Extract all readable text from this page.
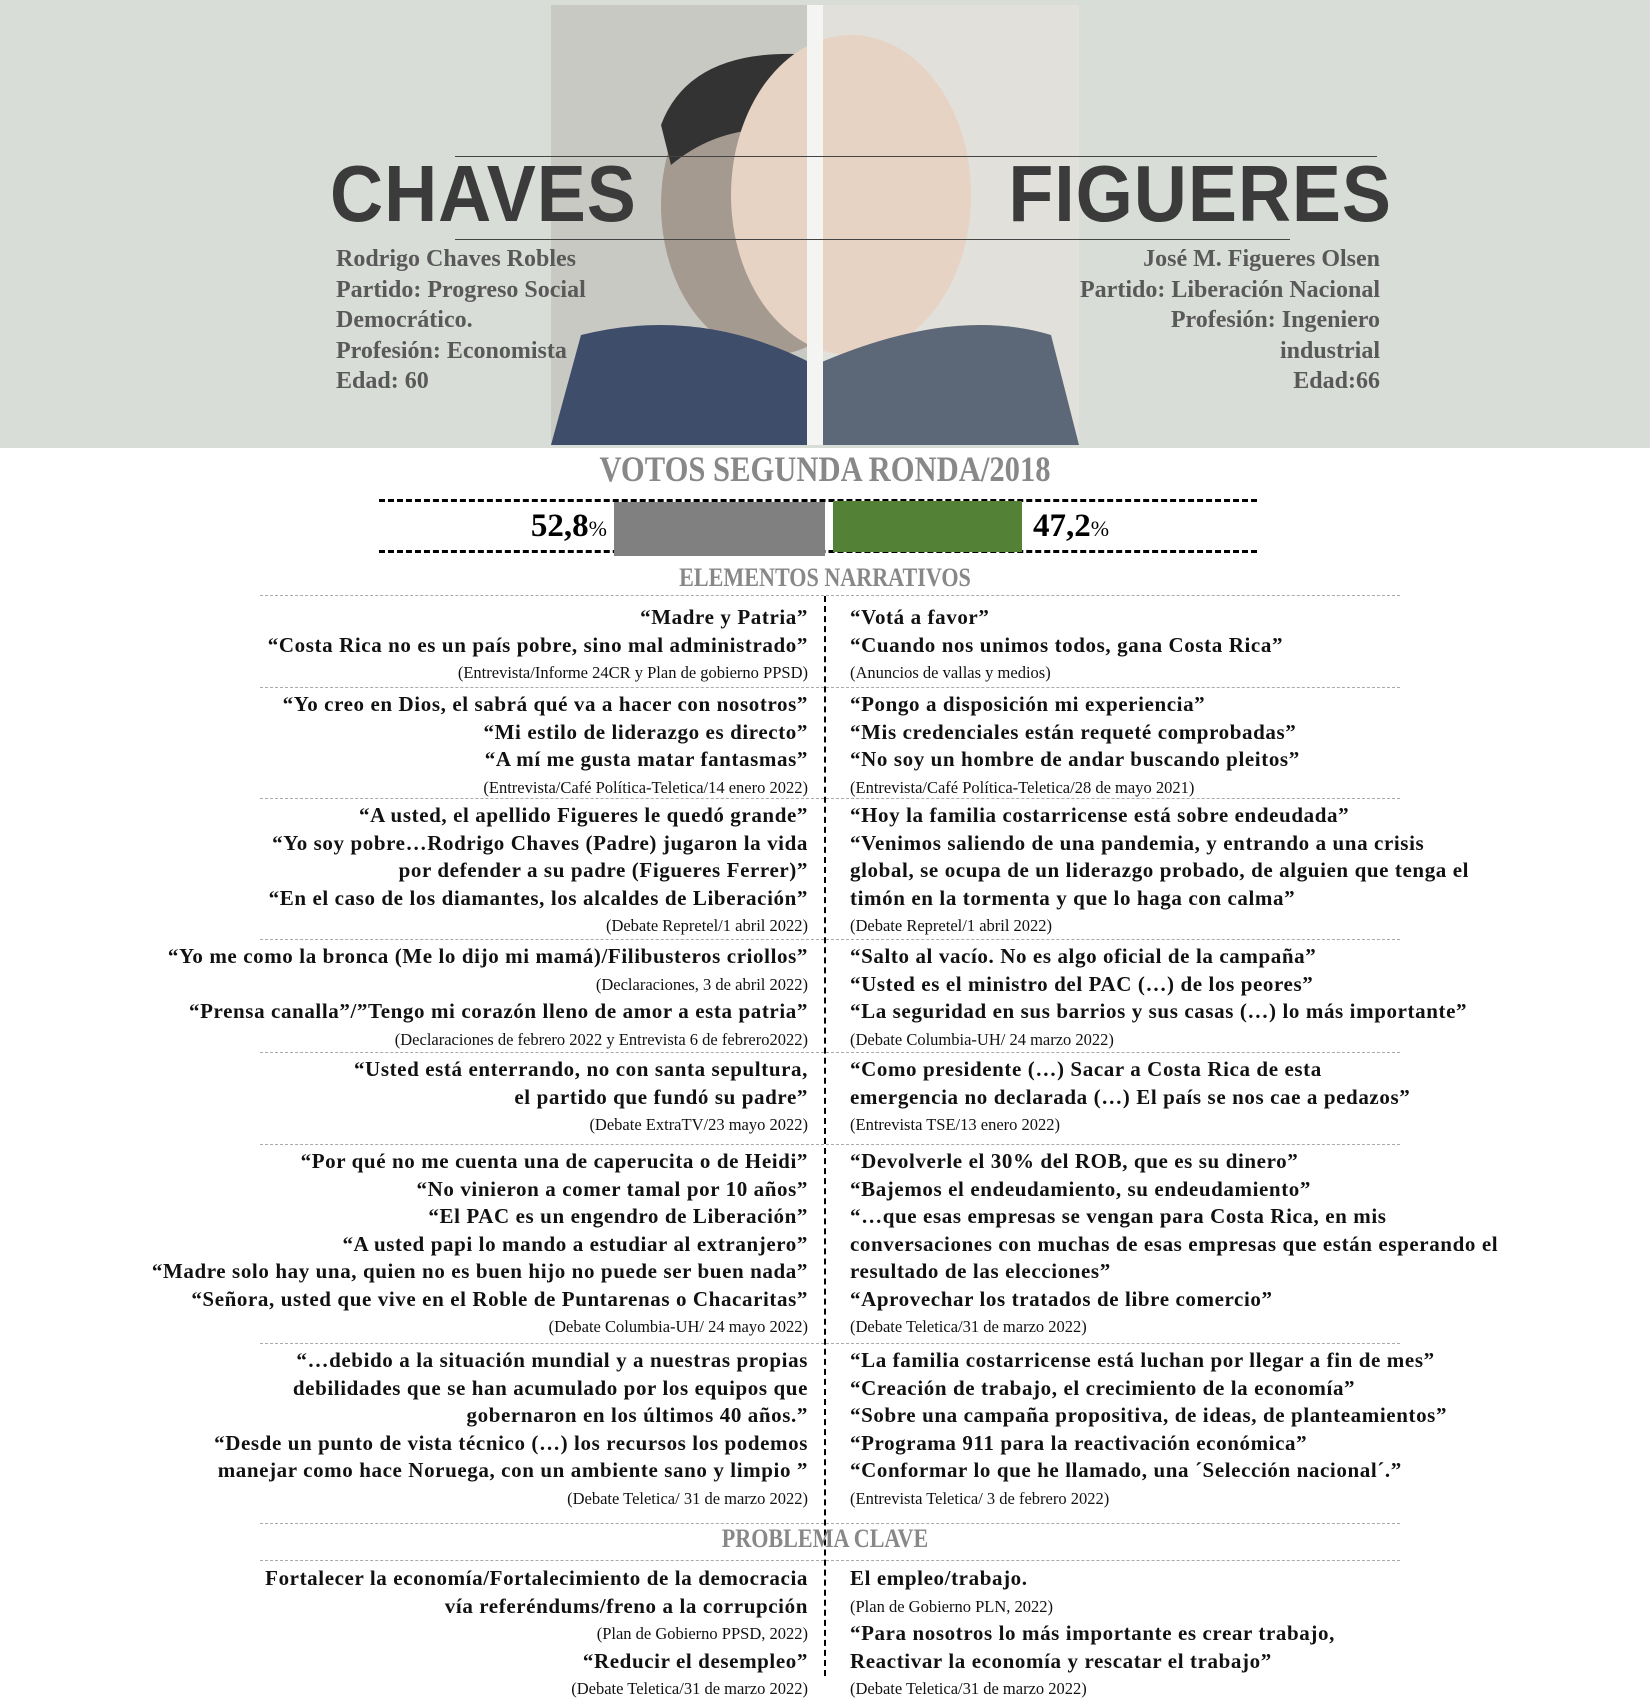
CHAVES	FIGUERES
Rodrigo Chaves Robles
Partido: Progreso Social
Democrático.
Profesión: Economista
Edad: 60
José M. Figueres Olsen
Partido: Liberación Nacional
Profesión: Ingeniero
industrial
Edad:66
VOTOS SEGUNDA RONDA/2018
52,8%	47,2%
ELEMENTOS NARRATIVOS
“Madre y Patria”
“Costa Rica no es un país pobre, sino mal administrado”
(Entrevista/Informe 24CR y Plan de gobierno PPSD)
“Votá a favor”
“Cuando nos unimos todos, gana Costa Rica”
(Anuncios de vallas y medios)
“Yo creo en Dios, el sabrá qué va a hacer con nosotros”
“Mi estilo de liderazgo es directo”
“A mí me gusta matar fantasmas”
(Entrevista/Café Política-Teletica/14 enero 2022)
“Pongo a disposición mi experiencia”
“Mis credenciales están requeté comprobadas”
“No soy un hombre de andar buscando pleitos”
(Entrevista/Café Política-Teletica/28 de mayo 2021)
“A usted, el apellido Figueres le quedó grande”
“Yo soy pobre…Rodrigo Chaves (Padre) jugaron la vida
por defender a su padre (Figueres Ferrer)”
“En el caso de los diamantes, los alcaldes de Liberación”
(Debate Repretel/1 abril 2022)
“Hoy la familia costarricense está sobre endeudada”
“Venimos saliendo de una pandemia, y entrando a una crisis
global, se ocupa de un liderazgo probado, de alguien que tenga el
timón en la tormenta y que lo haga con calma”
(Debate Repretel/1 abril 2022)
“Yo me como la bronca (Me lo dijo mi mamá)/Filibusteros criollos”
(Declaraciones, 3 de abril 2022)
“Prensa canalla”/”Tengo mi corazón lleno de amor a esta patria”
(Declaraciones de febrero 2022 y Entrevista 6 de febrero2022)
“Salto al vacío. No es algo oficial de la campaña”
“Usted es el ministro del PAC (…) de los peores”
“La seguridad en sus barrios y sus casas (…) lo más importante”
(Debate Columbia-UH/ 24 marzo 2022)
“Usted está enterrando, no con santa sepultura,
el partido que fundó su padre”
(Debate ExtraTV/23 mayo 2022)
“Como presidente (…) Sacar a Costa Rica de esta
emergencia no declarada (…) El país se nos cae a pedazos”
(Entrevista TSE/13 enero 2022)
“Por qué no me cuenta una de caperucita o de Heidi”
“No vinieron a comer tamal por 10 años”
“El PAC es un engendro de Liberación”
“A usted papi lo mando a estudiar al extranjero”
“Madre solo hay una, quien no es buen hijo no puede ser buen nada”
“Señora, usted que vive en el Roble de Puntarenas o Chacaritas”
(Debate Columbia-UH/ 24 mayo 2022)
“Devolverle el 30% del ROB, que es su dinero”
“Bajemos el endeudamiento, su endeudamiento”
“…que esas empresas se vengan para Costa Rica, en mis
conversaciones con muchas de esas empresas que están esperando el
resultado de las elecciones”
“Aprovechar los tratados de libre comercio”
(Debate Teletica/31 de marzo 2022)
“…debido a la situación mundial y a nuestras propias
debilidades que se han acumulado por los equipos que
gobernaron en los últimos 40 años.”
“Desde un punto de vista técnico (…) los recursos los podemos
manejar como hace Noruega, con un ambiente sano y limpio ”
(Debate Teletica/ 31 de marzo 2022)
“La familia costarricense está luchan por llegar a fin de mes”
“Creación de trabajo, el crecimiento de la economía”
“Sobre una campaña propositiva, de ideas, de planteamientos”
“Programa 911 para la reactivación económica”
“Conformar lo que he llamado, una ´Selección nacional´.”
(Entrevista Teletica/ 3 de febrero 2022)
PROBLEMA CLAVE
Fortalecer la economía/Fortalecimiento de la democracia
vía referéndums/freno a la corrupción
(Plan de Gobierno PPSD, 2022)
“Reducir el desempleo”
(Debate Teletica/31 de marzo 2022)
El empleo/trabajo.
(Plan de Gobierno PLN, 2022)
“Para nosotros lo más importante es crear trabajo,
Reactivar la economía y rescatar el trabajo”
(Debate Teletica/31 de marzo 2022)
